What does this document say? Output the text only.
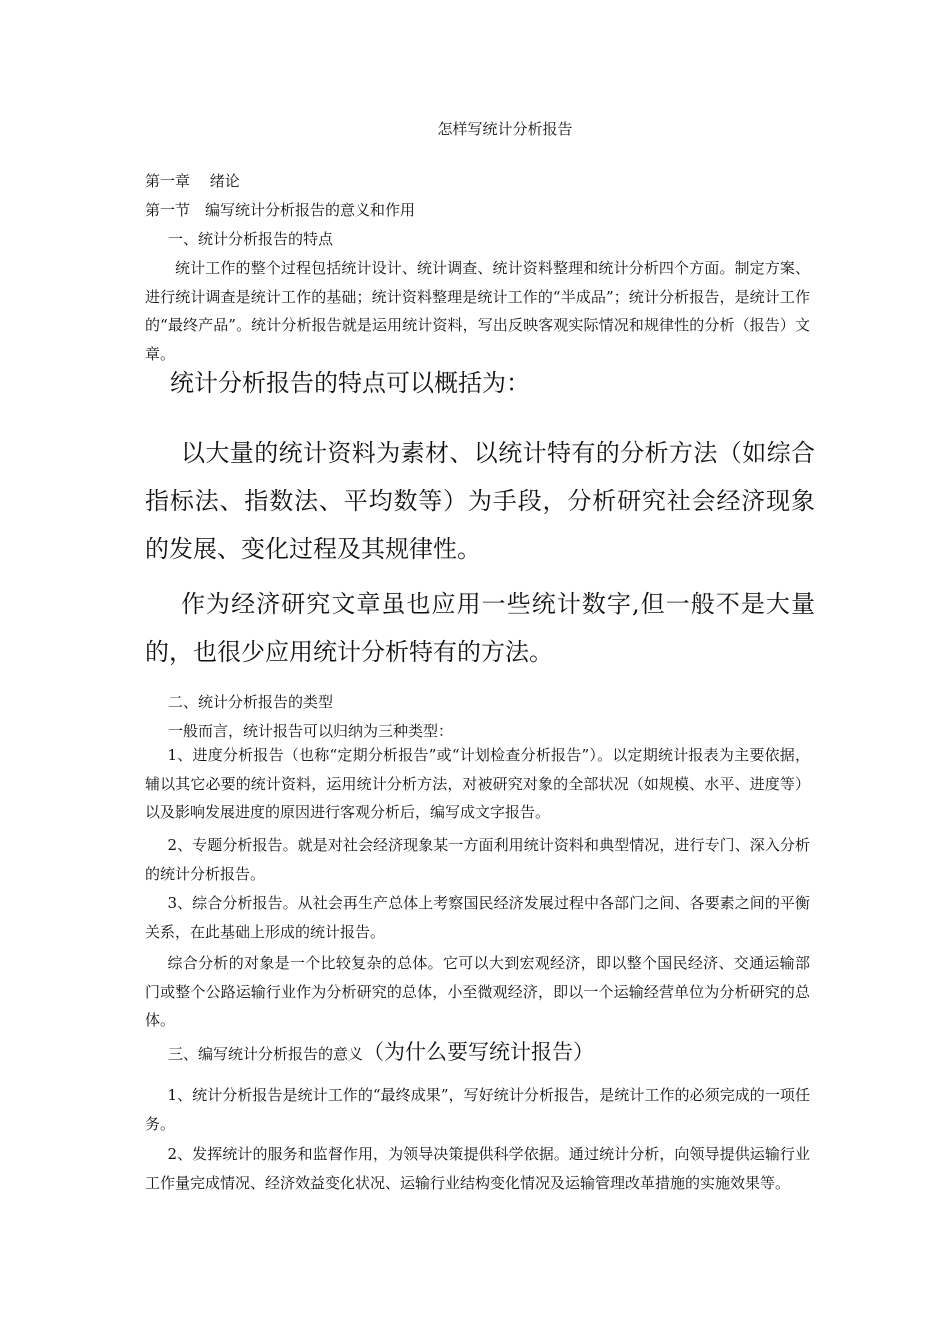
怎样写统计分析报告
第一章　 绪论
第一节　编写统计分析报告的意义和作用
一、统计分析报告的特点
统计工作的整个过程包括统计设计、统计调查、统计资料整理和统计分析四个方面。制定方案、进行统计调查是统计工作的基础；统计资料整理是统计工作的“半成品”；统计分析报告，是统计工作的“最终产品”。统计分析报告就是运用统计资料，写出反映客观实际情况和规律性的分析（报告）文章。
统计分析报告的特点可以概括为：
以大量的统计资料为素材、以统计特有的分析方法（如综合指标法、指数法、平均数等）为手段，分析研究社会经济现象的发展、变化过程及其规律性。
作为经济研究文章虽也应用一些统计数字,但一般不是大量的，也很少应用统计分析特有的方法。
二、统计分析报告的类型
一般而言，统计报告可以归纳为三种类型：
1、进度分析报告（也称“定期分析报告”或“计划检查分析报告”）。以定期统计报表为主要依据，辅以其它必要的统计资料，运用统计分析方法，对被研究对象的全部状况（如规模、水平、进度等）以及影响发展进度的原因进行客观分析后，编写成文字报告。
2、专题分析报告。就是对社会经济现象某一方面利用统计资料和典型情况，进行专门、深入分析的统计分析报告。
3、综合分析报告。从社会再生产总体上考察国民经济发展过程中各部门之间、各要素之间的平衡关系，在此基础上形成的统计报告。
综合分析的对象是一个比较复杂的总体。它可以大到宏观经济，即以整个国民经济、交通运输部门或整个公路运输行业作为分析研究的总体，小至微观经济，即以一个运输经营单位为分析研究的总体。
三、编写统计分析报告的意义（为什么要写统计报告）
1、统计分析报告是统计工作的“最终成果”，写好统计分析报告，是统计工作的必须完成的一项任务。
2、发挥统计的服务和监督作用，为领导决策提供科学依据。通过统计分析，向领导提供运输行业工作量完成情况、经济效益变化状况、运输行业结构变化情况及运输管理改革措施的实施效果等。
